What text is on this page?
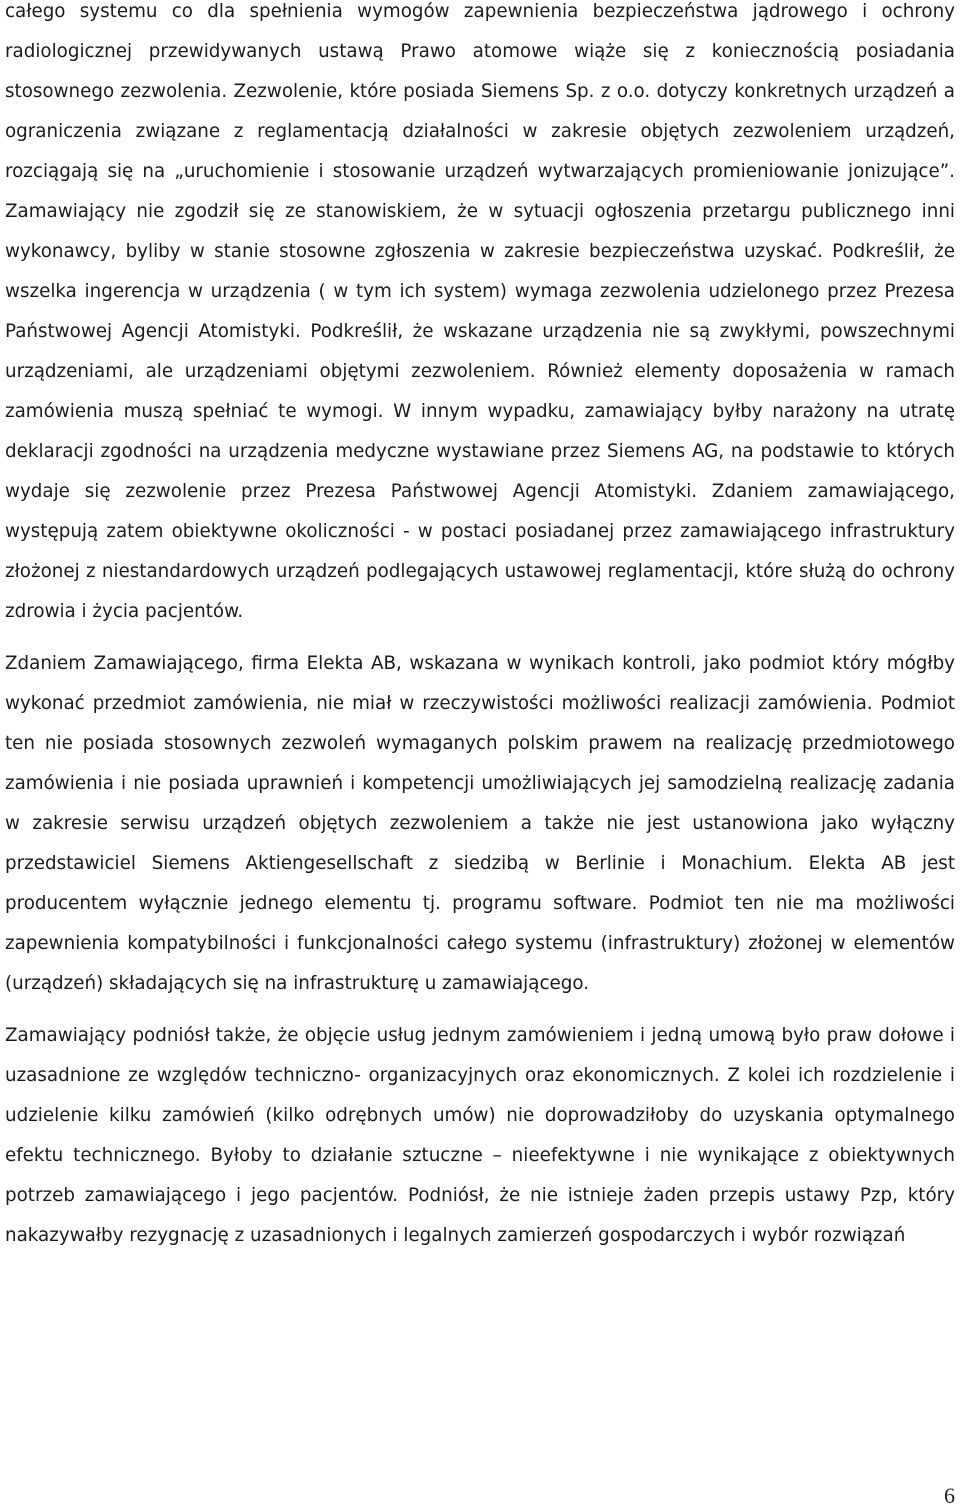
całego systemu co dla spełnienia wymogów zapewnienia bezpieczeństwa jądrowego i ochrony radiologicznej przewidywanych ustawą Prawo atomowe wiąże się z koniecznością posiadania stosownego zezwolenia. Zezwolenie, które posiada Siemens Sp. z o.o. dotyczy konkretnych urządzeń a ograniczenia związane z reglamentacją działalności w zakresie objętych zezwoleniem urządzeń, rozciągają się na „uruchomienie i stosowanie urządzeń wytwarzających promieniowanie jonizujące”. Zamawiający nie zgodził się ze stanowiskiem, że w sytuacji ogłoszenia przetargu publicznego inni wykonawcy, byliby w stanie stosowne zgłoszenia w zakresie bezpieczeństwa uzyskać. Podkreślił, że wszelka ingerencja w urządzenia ( w tym ich system) wymaga zezwolenia udzielonego przez Prezesa Państwowej Agencji Atomistyki. Podkreślił, że wskazane urządzenia nie są zwykłymi, powszechnymi urządzeniami, ale urządzeniami objętymi zezwoleniem. Również elementy doposażenia w ramach zamówienia muszą spełniać te wymogi. W innym wypadku, zamawiający byłby narażony na utratę deklaracji zgodności na urządzenia medyczne wystawiane przez Siemens AG, na podstawie to których wydaje się zezwolenie przez Prezesa Państwowej Agencji Atomistyki. Zdaniem zamawiającego, występują zatem obiektywne okoliczności - w postaci posiadanej przez zamawiającego infrastruktury złożonej z niestandardowych urządzeń podlegających ustawowej reglamentacji, które służą do ochrony zdrowia i życia pacjentów.

Zdaniem Zamawiającego, firma Elekta AB, wskazana w wynikach kontroli, jako podmiot który mógłby wykonać przedmiot zamówienia, nie miał w rzeczywistości możliwości realizacji zamówienia. Podmiot ten nie posiada stosownych zezwoleń wymaganych polskim prawem na realizację przedmiotowego zamówienia i nie posiada uprawnień i kompetencji umożliwiających jej samodzielną realizację zadania w zakresie serwisu urządzeń objętych zezwoleniem a także nie jest ustanowiona jako wyłączny przedstawiciel Siemens Aktiengesellschaft z siedzibą w Berlinie i Monachium. Elekta AB jest producentem wyłącznie jednego elementu tj. programu software. Podmiot ten nie ma możliwości zapewnienia kompatybilności i funkcjonalności całego systemu (infrastruktury) złożonej w elementów (urządzeń) składających się na infrastrukturę u zamawiającego.

Zamawiający podniósł także, że objęcie usług jednym zamówieniem i jedną umową było praw dołowe i uzasadnione ze względów techniczno- organizacyjnych oraz ekonomicznych. Z kolei ich rozdzielenie i udzielenie kilku zamówień (kilko odrębnych umów) nie doprowadziłoby do uzyskania optymalnego efektu technicznego. Byłoby to działanie sztuczne – nieefektywne i nie wynikające z obiektywnych potrzeb zamawiającego i jego pacjentów. Podniósł, że nie istnieje żaden przepis ustawy Pzp, który nakazywałby rezygnację z uzasadnionych i legalnych zamierzeń gospodarczych i wybór rozwiązań

6
